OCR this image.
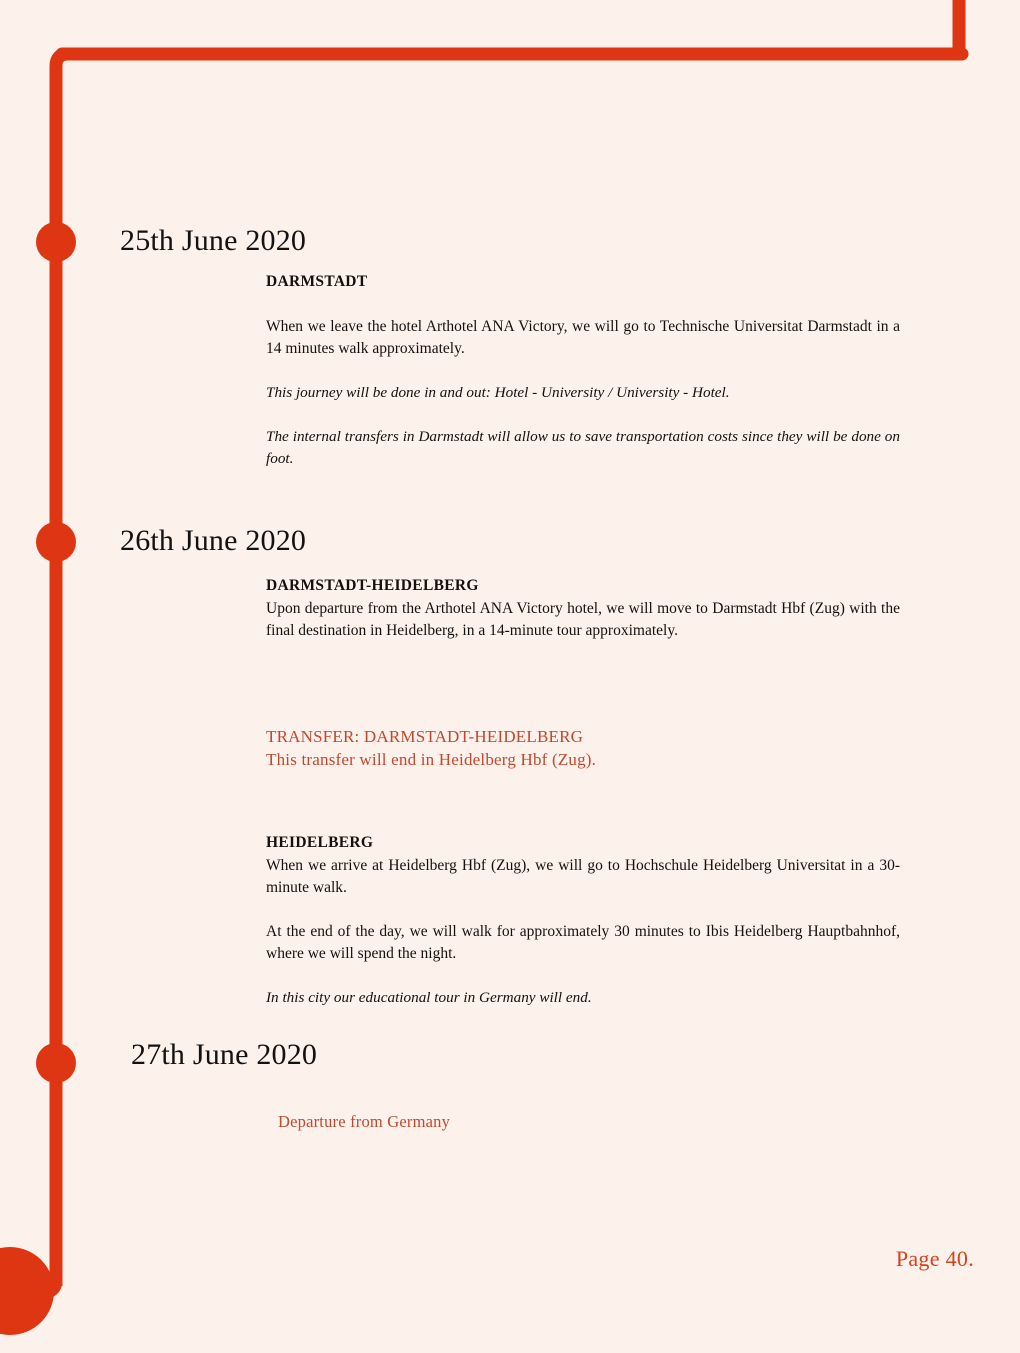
25th June 2020

DARMSTADT

When we leave the hotel Arthotel ANA Victory, we will go to Technische Universitat Darmstadt in a 14 minutes walk approximately.

This journey will be done in and out: Hotel - University / University - Hotel.

The internal transfers in Darmstadt will allow us to save transportation costs since they will be done on foot.

26th June 2020

DARMSTADT-HEIDELBERG

Upon departure from the Arthotel ANA Victory hotel, we will move to Darmstadt Hbf (Zug) with the final destination in Heidelberg, in a 14-minute tour approximately.

TRANSFER: DARMSTADT-HEIDELBERG

This transfer will end in Heidelberg Hbf (Zug).

HEIDELBERG

When we arrive at Heidelberg Hbf (Zug), we will go to Hochschule Heidelberg Universitat in a 30-minute walk.

At the end of the day, we will walk for approximately 30 minutes to Ibis Heidelberg Hauptbahnhof, where we will spend the night.

In this city our educational tour in Germany will end.

27th June 2020
Departure from Germany
Page 40.
